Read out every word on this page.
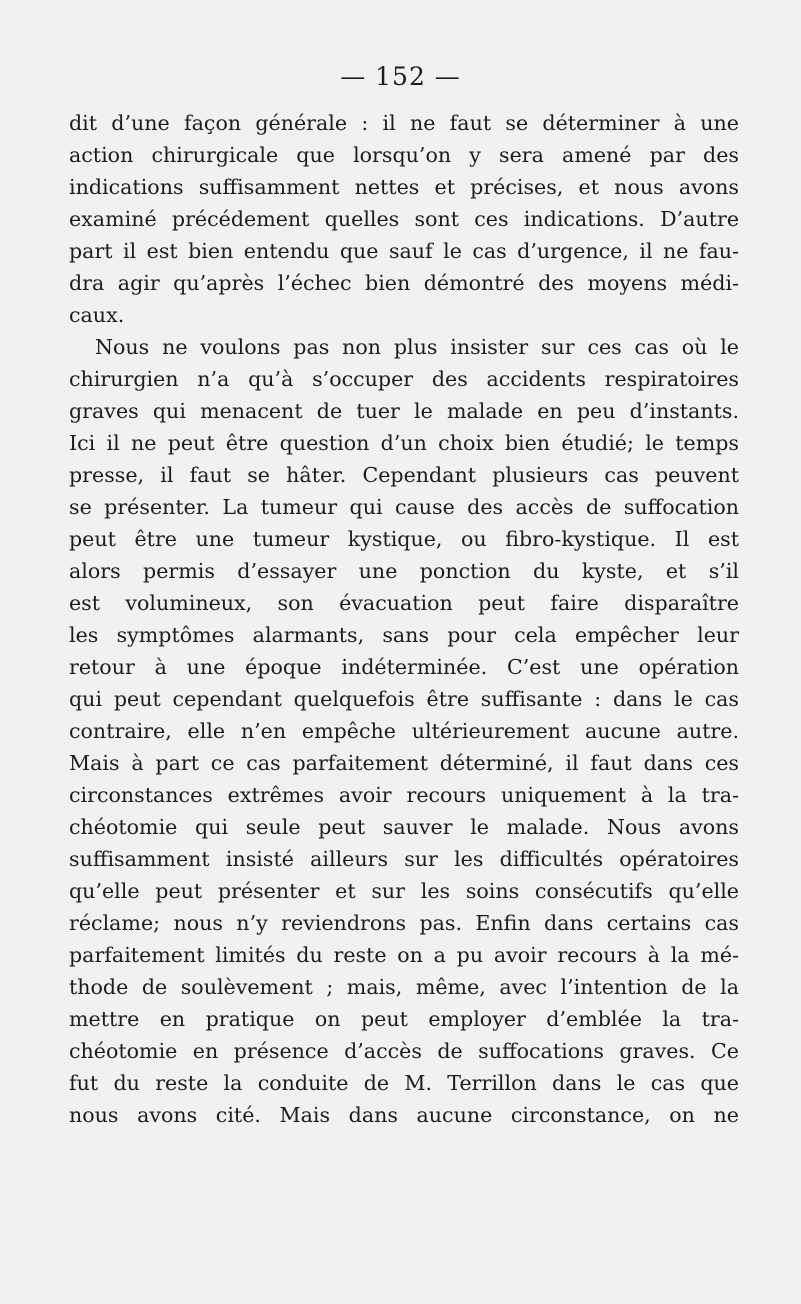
— 152 —
dit d’une façon générale : il ne faut se déterminer à une
action chirurgicale que lorsqu’on y sera amené par des
indications suffisamment nettes et précises, et nous avons
examiné précédement quelles sont ces indications. D’autre
part il est bien entendu que sauf le cas d’urgence, il ne fau-
dra agir qu’après l’échec bien démontré des moyens médi-
caux.
Nous ne voulons pas non plus insister sur ces cas où le
chirurgien n’a qu’à s’occuper des accidents respiratoires
graves qui menacent de tuer le malade en peu d’instants.
Ici il ne peut être question d’un choix bien étudié; le temps
presse, il faut se hâter. Cependant plusieurs cas peuvent
se présenter. La tumeur qui cause des accès de suffocation
peut être une tumeur kystique, ou fibro-kystique. Il est
alors permis d’essayer une ponction du kyste, et s’il
est volumineux, son évacuation peut faire disparaître
les symptômes alarmants, sans pour cela empêcher leur
retour à une époque indéterminée. C’est une opération
qui peut cependant quelquefois être suffisante : dans le cas
contraire, elle n’en empêche ultérieurement aucune autre.
Mais à part ce cas parfaitement déterminé, il faut dans ces
circonstances extrêmes avoir recours uniquement à la tra-
chéotomie qui seule peut sauver le malade. Nous avons
suffisamment insisté ailleurs sur les difficultés opératoires
qu’elle peut présenter et sur les soins consécutifs qu’elle
réclame; nous n’y reviendrons pas. Enfin dans certains cas
parfaitement limités du reste on a pu avoir recours à la mé-
thode de soulèvement ; mais, même, avec l’intention de la
mettre en pratique on peut employer d’emblée la tra-
chéotomie en présence d’accès de suffocations graves. Ce
fut du reste la conduite de M. Terrillon dans le cas que
nous avons cité. Mais dans aucune circonstance, on ne
